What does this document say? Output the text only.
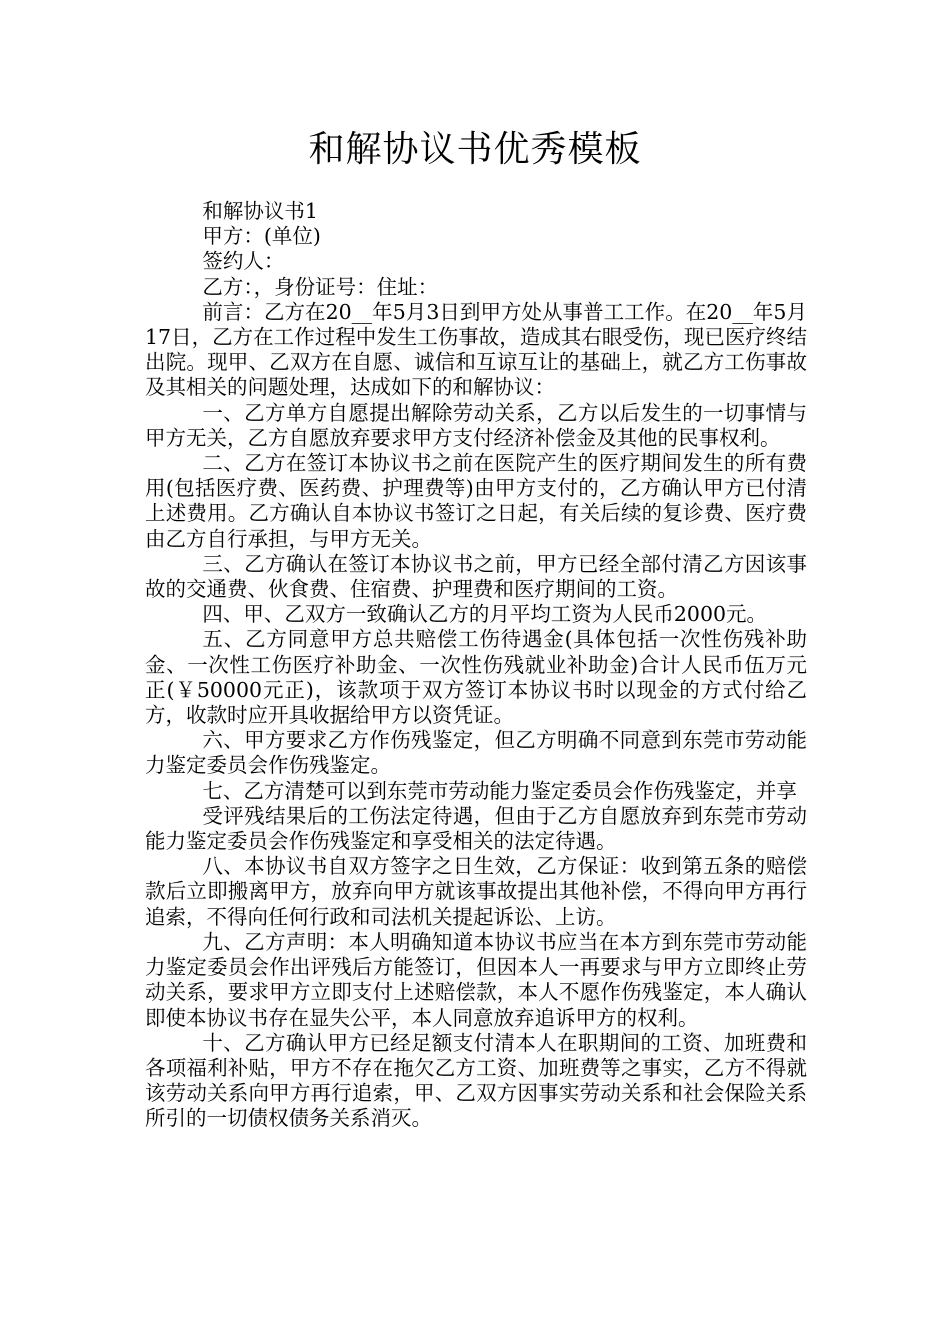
和解协议书优秀模板

和解协议书1

甲方：(单位)

签约人：

乙方：，身份证号：住址：

前言：乙方在20__年5月3日到甲方处从事普工工作。在20__年5月17日，乙方在工作过程中发生工伤事故，造成其右眼受伤，现已医疗终结出院。现甲、乙双方在自愿、诚信和互谅互让的基础上，就乙方工伤事故及其相关的问题处理，达成如下的和解协议：

一、乙方单方自愿提出解除劳动关系，乙方以后发生的一切事情与甲方无关，乙方自愿放弃要求甲方支付经济补偿金及其他的民事权利。

二、乙方在签订本协议书之前在医院产生的医疗期间发生的所有费用(包括医疗费、医药费、护理费等)由甲方支付的，乙方确认甲方已付清上述费用。乙方确认自本协议书签订之日起，有关后续的复诊费、医疗费由乙方自行承担，与甲方无关。

三、乙方确认在签订本协议书之前，甲方已经全部付清乙方因该事故的交通费、伙食费、住宿费、护理费和医疗期间的工资。

四、甲、乙双方一致确认乙方的月平均工资为人民币2000元。

五、乙方同意甲方总共赔偿工伤待遇金(具体包括一次性伤残补助金、一次性工伤医疗补助金、一次性伤残就业补助金)合计人民币伍万元正(￥50000元正)，该款项于双方签订本协议书时以现金的方式付给乙方，收款时应开具收据给甲方以资凭证。

六、甲方要求乙方作伤残鉴定，但乙方明确不同意到东莞市劳动能力鉴定委员会作伤残鉴定。

七、乙方清楚可以到东莞市劳动能力鉴定委员会作伤残鉴定，并享

受评残结果后的工伤法定待遇，但由于乙方自愿放弃到东莞市劳动能力鉴定委员会作伤残鉴定和享受相关的法定待遇。

八、本协议书自双方签字之日生效，乙方保证：收到第五条的赔偿款后立即搬离甲方，放弃向甲方就该事故提出其他补偿，不得向甲方再行追索，不得向任何行政和司法机关提起诉讼、上访。

九、乙方声明：本人明确知道本协议书应当在本方到东莞市劳动能力鉴定委员会作出评残后方能签订，但因本人一再要求与甲方立即终止劳动关系，要求甲方立即支付上述赔偿款，本人不愿作伤残鉴定，本人确认即使本协议书存在显失公平，本人同意放弃追诉甲方的权利。

十、乙方确认甲方已经足额支付清本人在职期间的工资、加班费和各项福利补贴，甲方不存在拖欠乙方工资、加班费等之事实，乙方不得就该劳动关系向甲方再行追索，甲、乙双方因事实劳动关系和社会保险关系所引的一切债权债务关系消灭。
